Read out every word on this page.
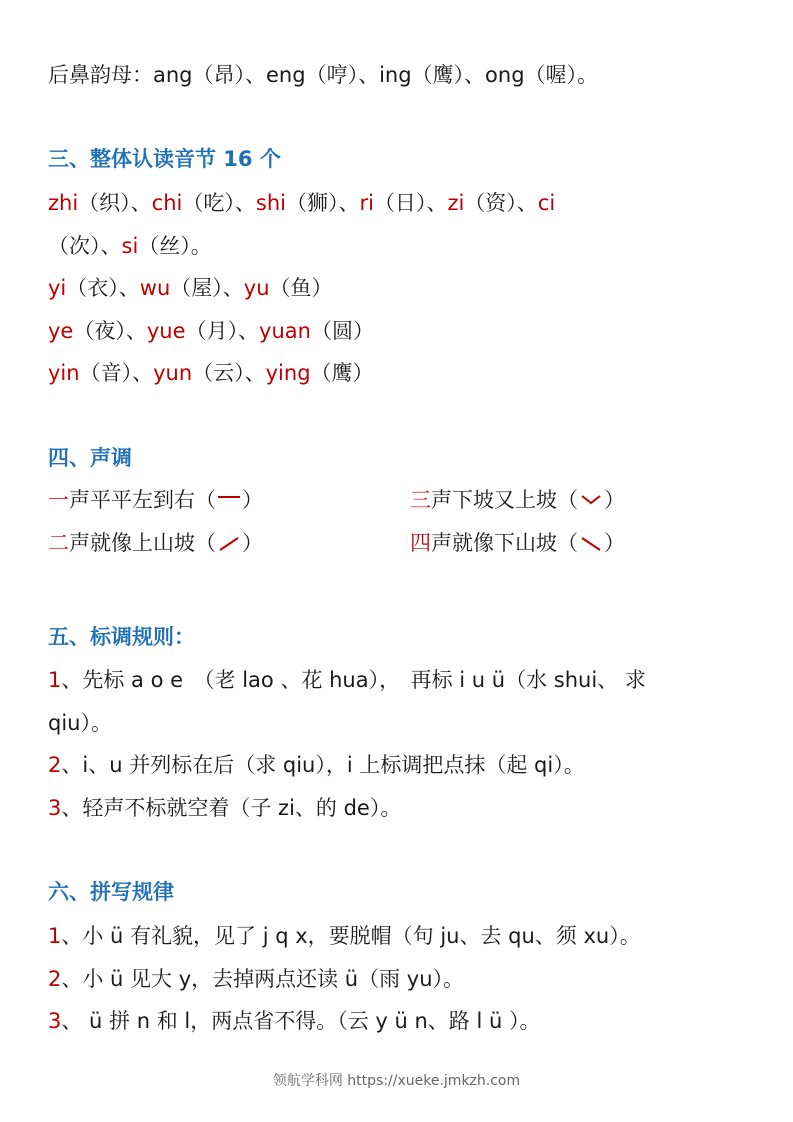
后鼻韵母：ang（昂）、eng（哼）、ing（鹰）、ong（喔）。
三、整体认读音节 16 个
zhi（织）、chi（吃）、shi（狮）、ri（日）、zi（资）、ci
（次）、si（丝）。
yi（衣）、wu（屋）、yu（鱼）
ye（夜）、yue（月）、yuan（圆）
yin（音）、yun（云）、ying（鹰）
四、声调
一声平平左到右（ ）	三声下坡又上坡（ ）
二声就像上山坡（ ）	四声就像下山坡（ ）
五、标调规则：
1、先标 a o e　（老 lao 、花 hua），　再标 i u ü（水 shui、 求
qiu）。
2、i、u 并列标在后（求 qiu），i 上标调把点抹（起 qi）。
3、轻声不标就空着（子 zi、的 de）。
六、拼写规律
1、小 ü 有礼貌，见了 j q x，要脱帽（句 ju、去 qu、须 xu）。
2、小 ü 见大 y，去掉两点还读 ü（雨 yu）。
3、 ü 拼 n 和 l，两点省不得。（云 y ü n、路 l ü ）。
领航学科网 https://xueke.jmkzh.com
